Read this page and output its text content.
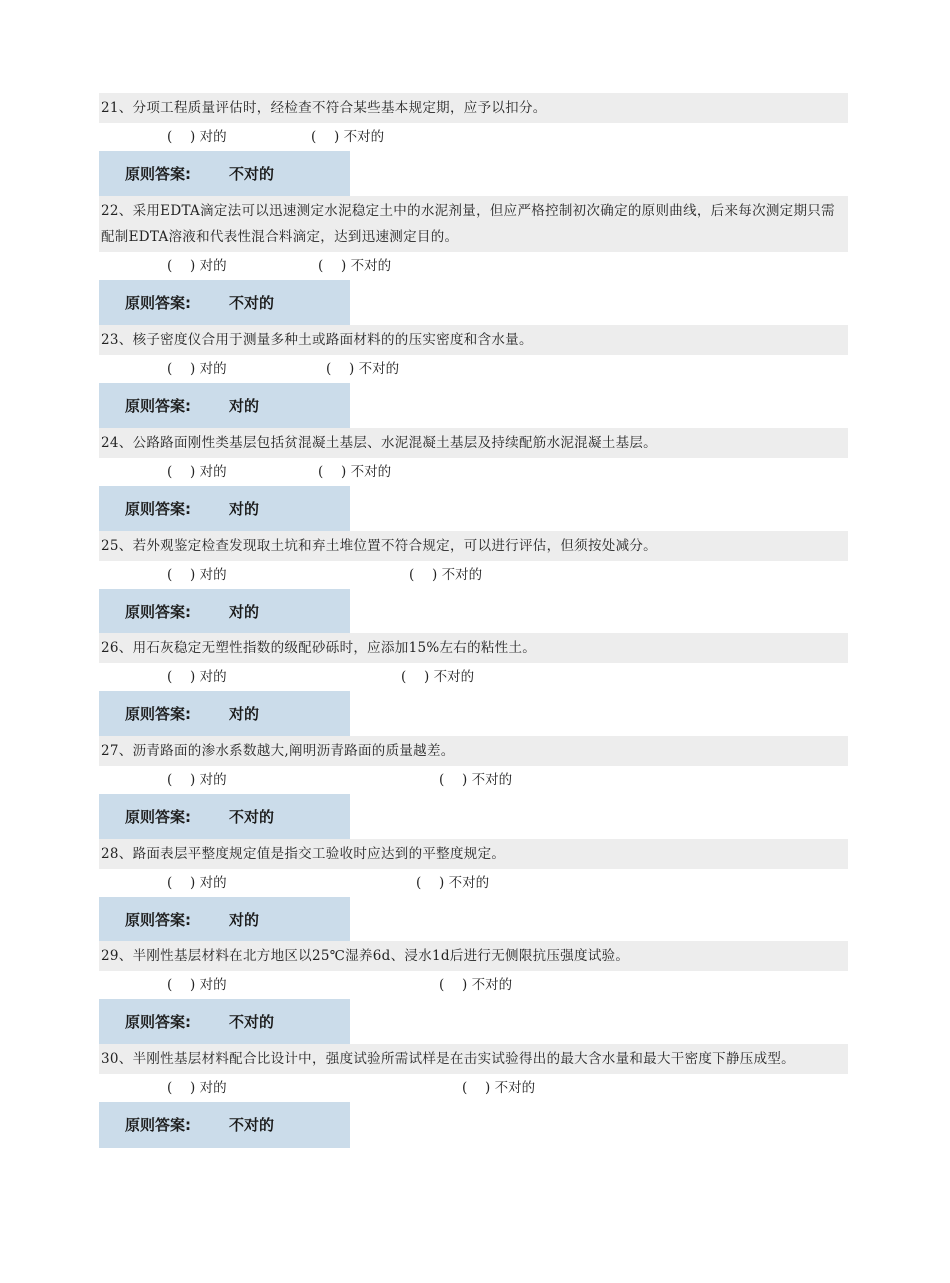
21、分项工程质量评估时，经检查不符合某些基本规定期，应予以扣分。
(　 ) 对的	(　 ) 不对的
原则答案:	不对的
22、采用EDTA滴定法可以迅速测定水泥稳定土中的水泥剂量，但应严格控制初次确定的原则曲线，后来每次测定期只需配制EDTA溶液和代表性混合料滴定，达到迅速测定目的。
(　 ) 对的	(　 ) 不对的
原则答案:	不对的
23、核子密度仪合用于测量多种土或路面材料的的压实密度和含水量。
(　 ) 对的	(　 ) 不对的
原则答案:	对的
24、公路路面刚性类基层包括贫混凝土基层、水泥混凝土基层及持续配筋水泥混凝土基层。
(　 ) 对的	(　 ) 不对的
原则答案:	对的
25、若外观鉴定检查发现取土坑和弃土堆位置不符合规定，可以进行评估，但须按处减分。
(　 ) 对的	(　 ) 不对的
原则答案:	对的
26、用石灰稳定无塑性指数的级配砂砾时，应添加15%左右的粘性土。
(　 ) 对的	(　 ) 不对的
原则答案:	对的
27、沥青路面的渗水系数越大,阐明沥青路面的质量越差。
(　 ) 对的	(　 ) 不对的
原则答案:	不对的
28、路面表层平整度规定值是指交工验收时应达到的平整度规定。
(　 ) 对的	(　 ) 不对的
原则答案:	对的
29、半刚性基层材料在北方地区以25℃湿养6d、浸水1d后进行无侧限抗压强度试验。
(　 ) 对的	(　 ) 不对的
原则答案:	不对的
30、半刚性基层材料配合比设计中，强度试验所需试样是在击实试验得出的最大含水量和最大干密度下静压成型。
(　 ) 对的	(　 ) 不对的
原则答案:	不对的
